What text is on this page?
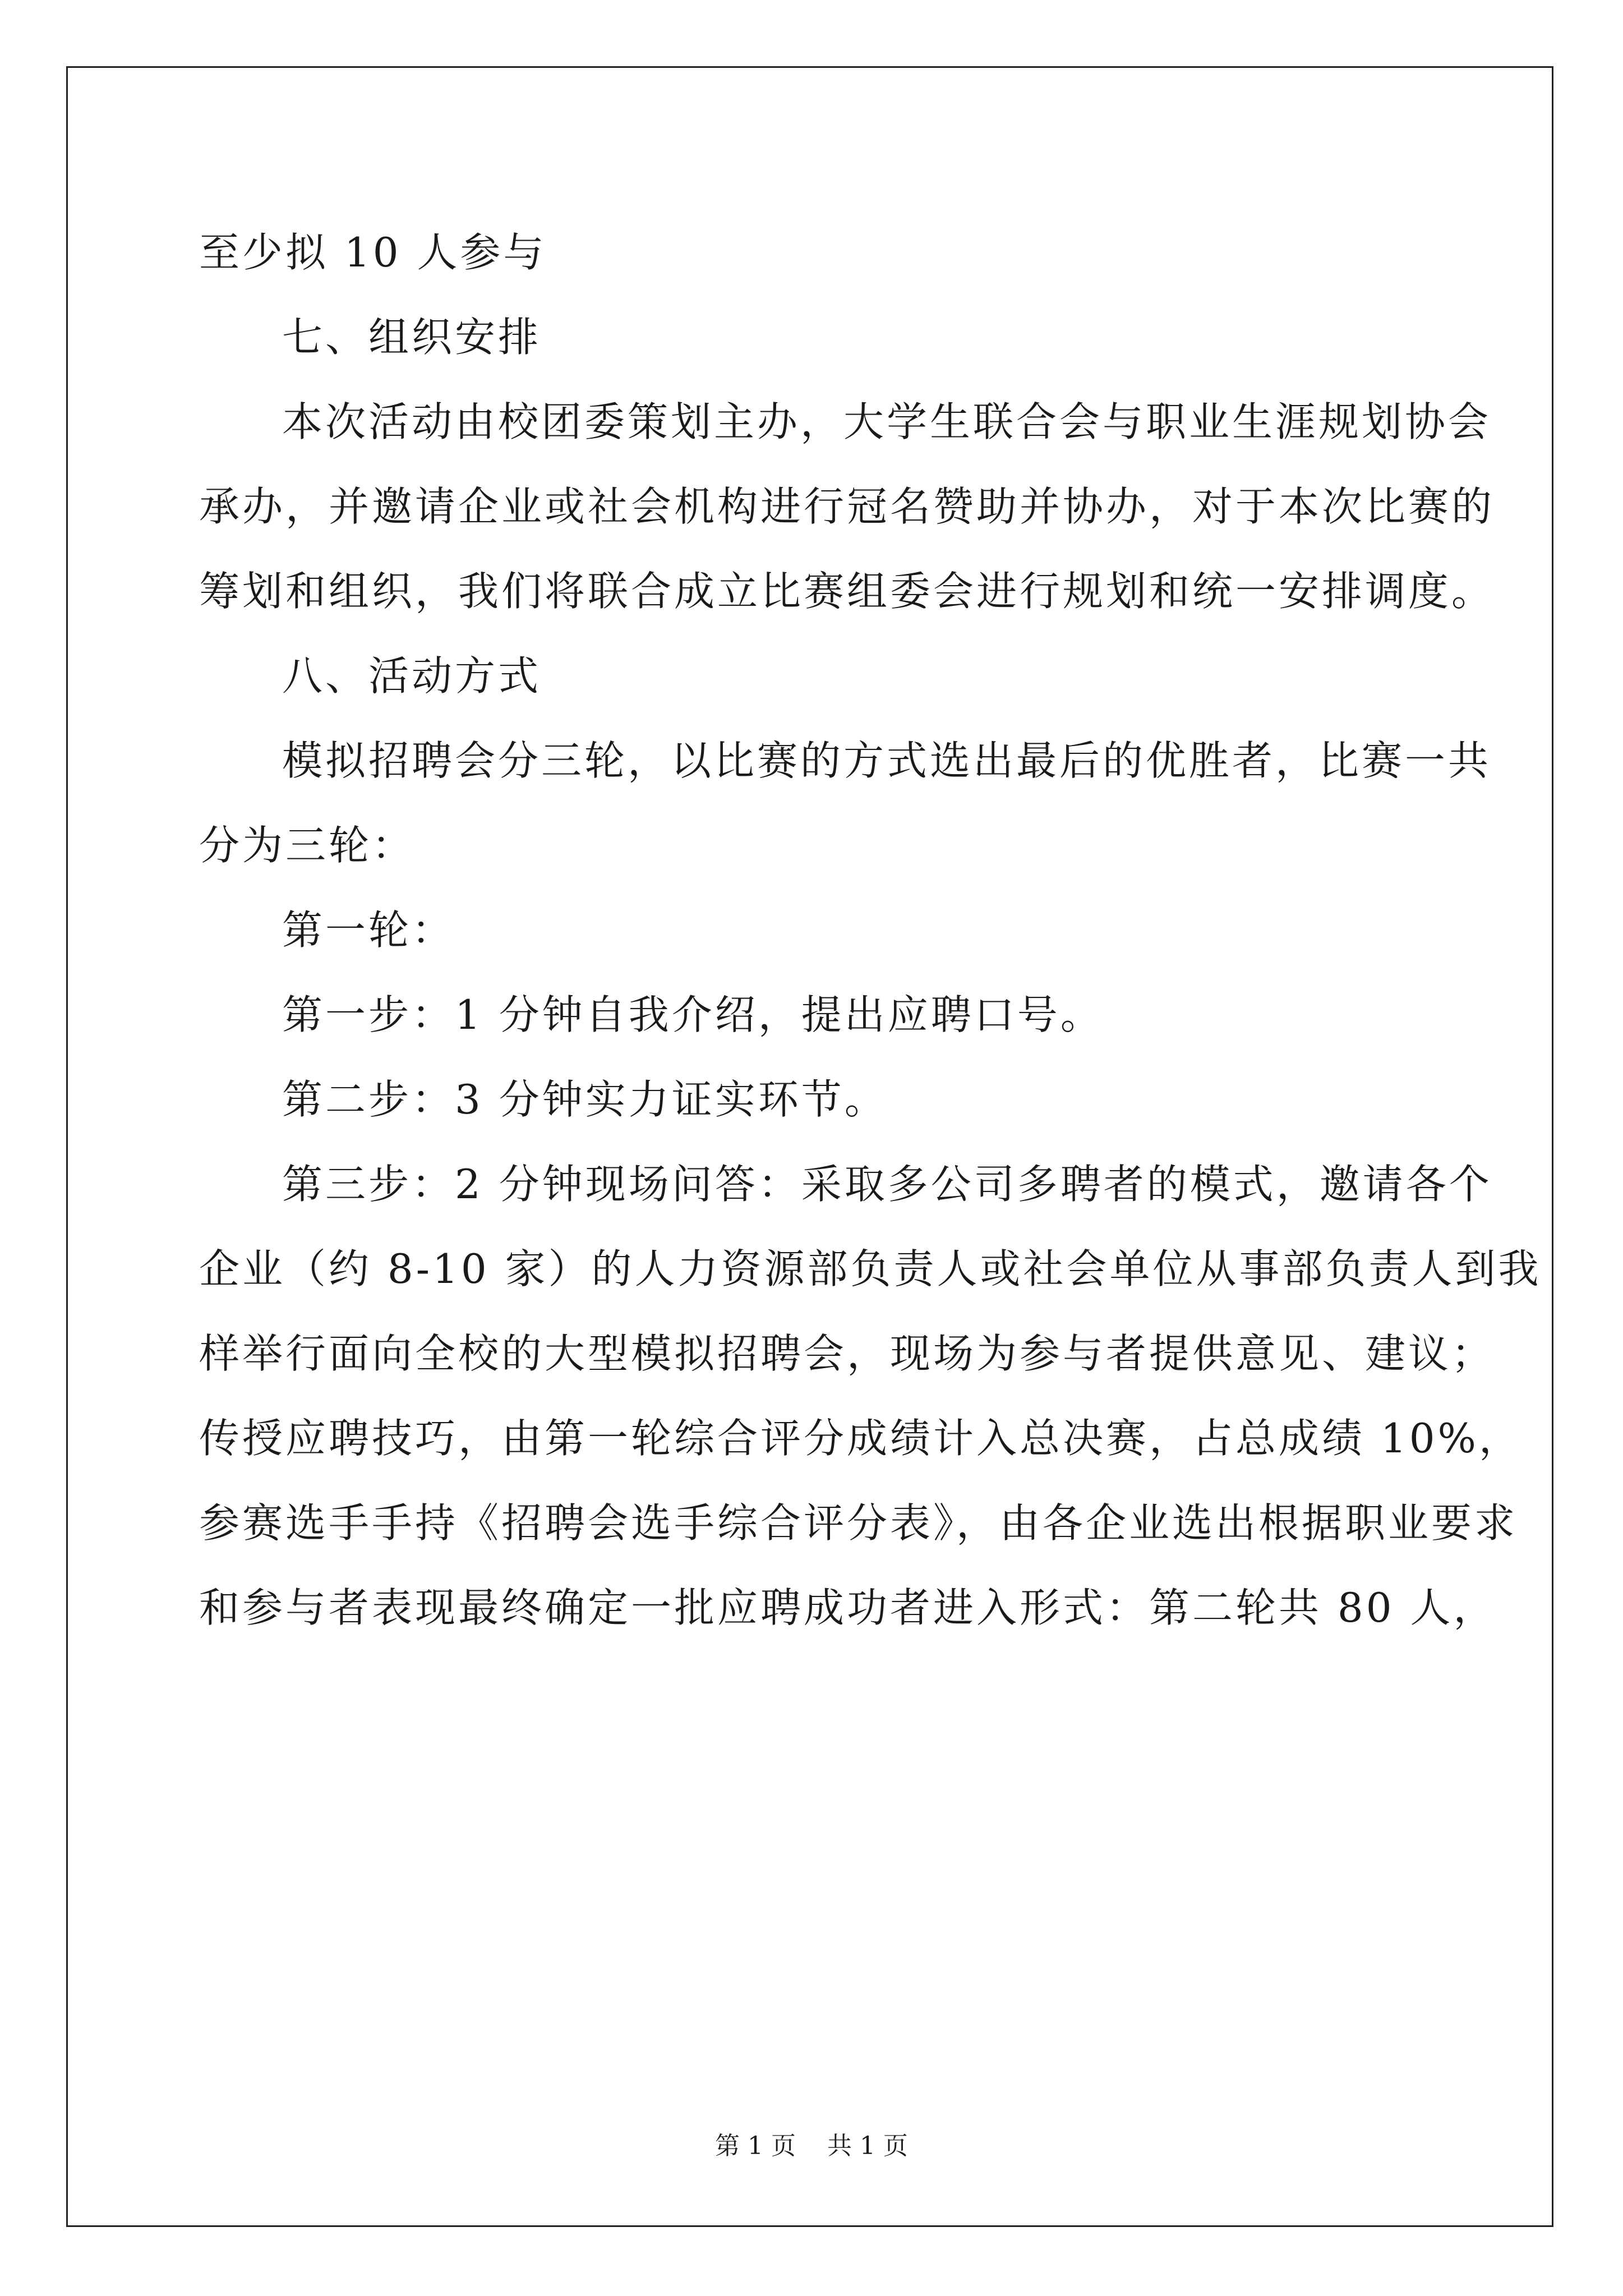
至少拟 10 人参与
七、组织安排
本次活动由校团委策划主办，大学生联合会与职业生涯规划协会
承办，并邀请企业或社会机构进行冠名赞助并协办，对于本次比赛的
筹划和组织，我们将联合成立比赛组委会进行规划和统一安排调度。
八、活动方式
模拟招聘会分三轮，以比赛的方式选出最后的优胜者，比赛一共
分为三轮：
第一轮：
第一步：1 分钟自我介绍，提出应聘口号。
第二步：3 分钟实力证实环节。
第三步：2 分钟现场问答：采取多公司多聘者的模式，邀请各个
企业（约 8-10 家）的人力资源部负责人或社会单位从事部负责人到我
样举行面向全校的大型模拟招聘会，现场为参与者提供意见、建议；
传授应聘技巧，由第一轮综合评分成绩计入总决赛，占总成绩 10%，
参赛选手手持《招聘会选手综合评分表》，由各企业选出根据职业要求
和参与者表现最终确定一批应聘成功者进入形式：第二轮共 80 人，
第 1 页    共 1 页
